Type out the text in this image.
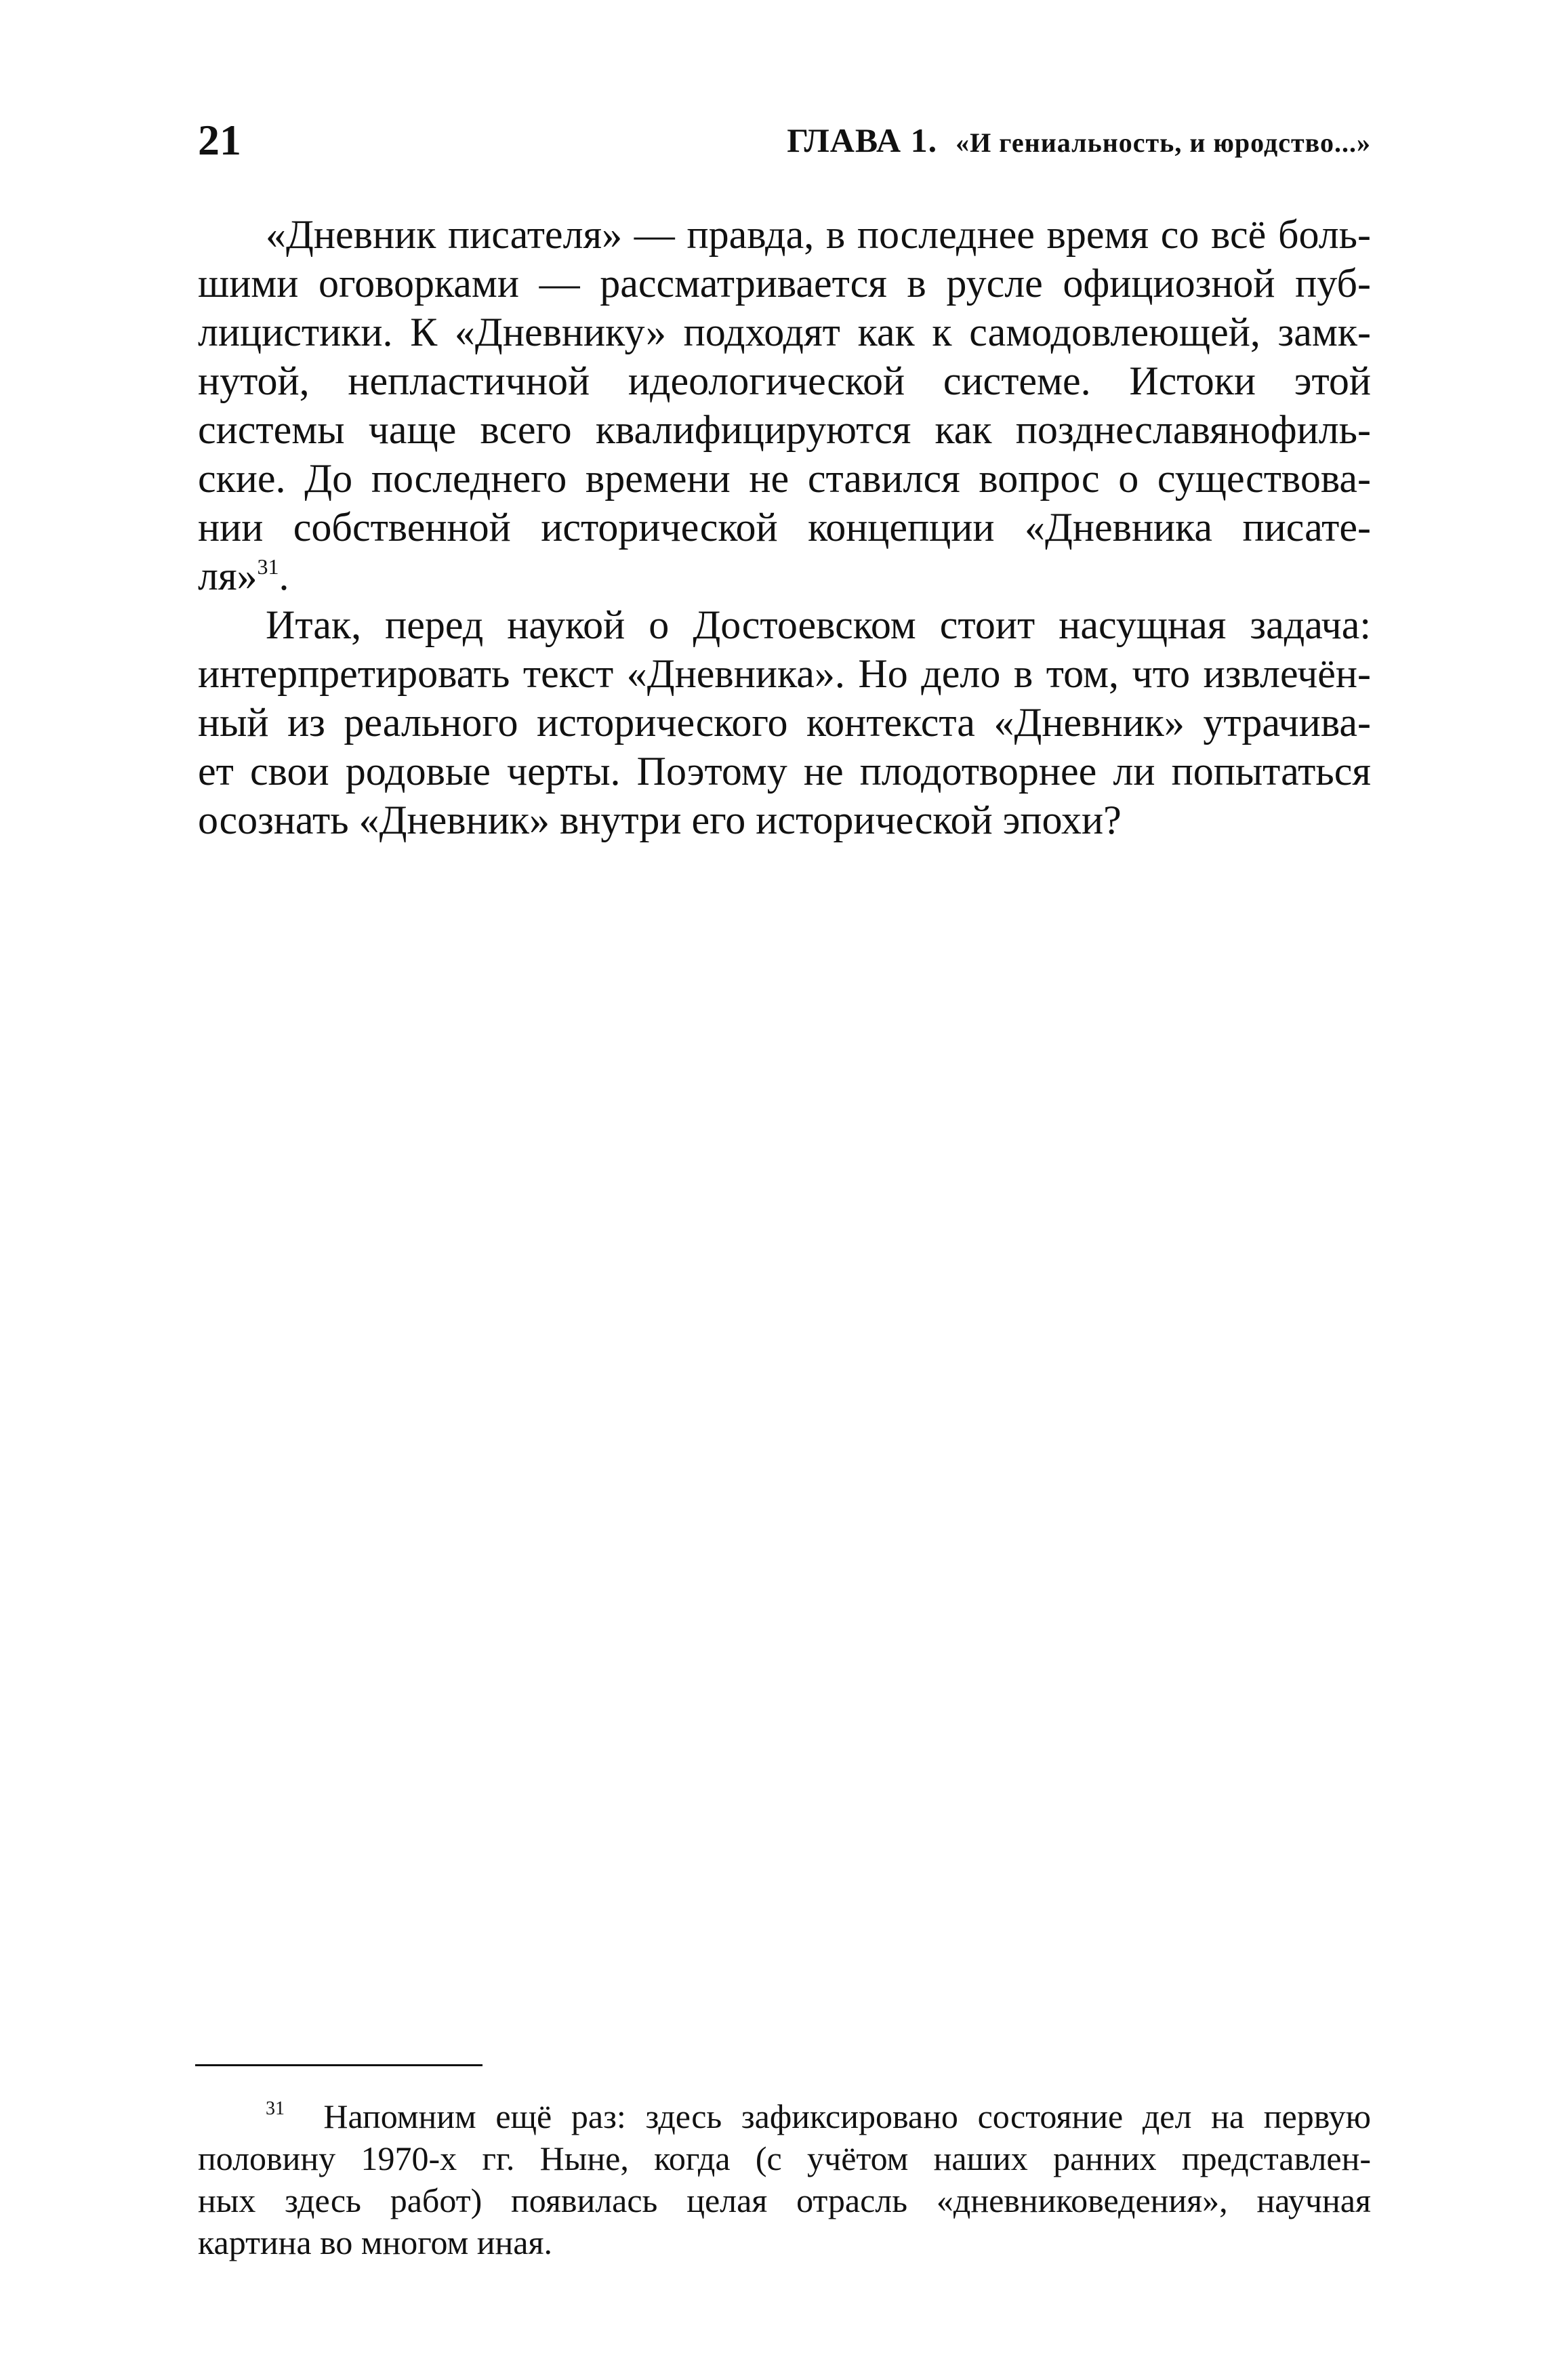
21	ГЛАВА 1. «И гениальность, и юродство...»
«Дневник писателя» — правда, в последнее время со всё боль-
шими оговорками — рассматривается в русле официозной пуб-
лицистики. К «Дневнику» подходят как к самодовлеющей, замк-
нутой, непластичной идеологической системе. Истоки этой
системы чаще всего квалифицируются как позднеславянофиль-
ские. До последнего времени не ставился вопрос о существова-
нии собственной исторической концепции «Дневника писате-
ля»$^{31}$.
Итак, перед наукой о Достоевском стоит насущная задача:
интерпретировать текст «Дневника». Но дело в том, что извлечён-
ный из реального исторического контекста «Дневник» утрачива-
ет свои родовые черты. Поэтому не плодотворнее ли попытаться
осознать «Дневник» внутри его исторической эпохи?
$^{31}$ Напомним ещё раз: здесь зафиксировано состояние дел на первую
половину 1970-х гг. Ныне, когда (с учётом наших ранних представлен-
ных здесь работ) появилась целая отрасль «дневниковедения», научная
картина во многом иная.
